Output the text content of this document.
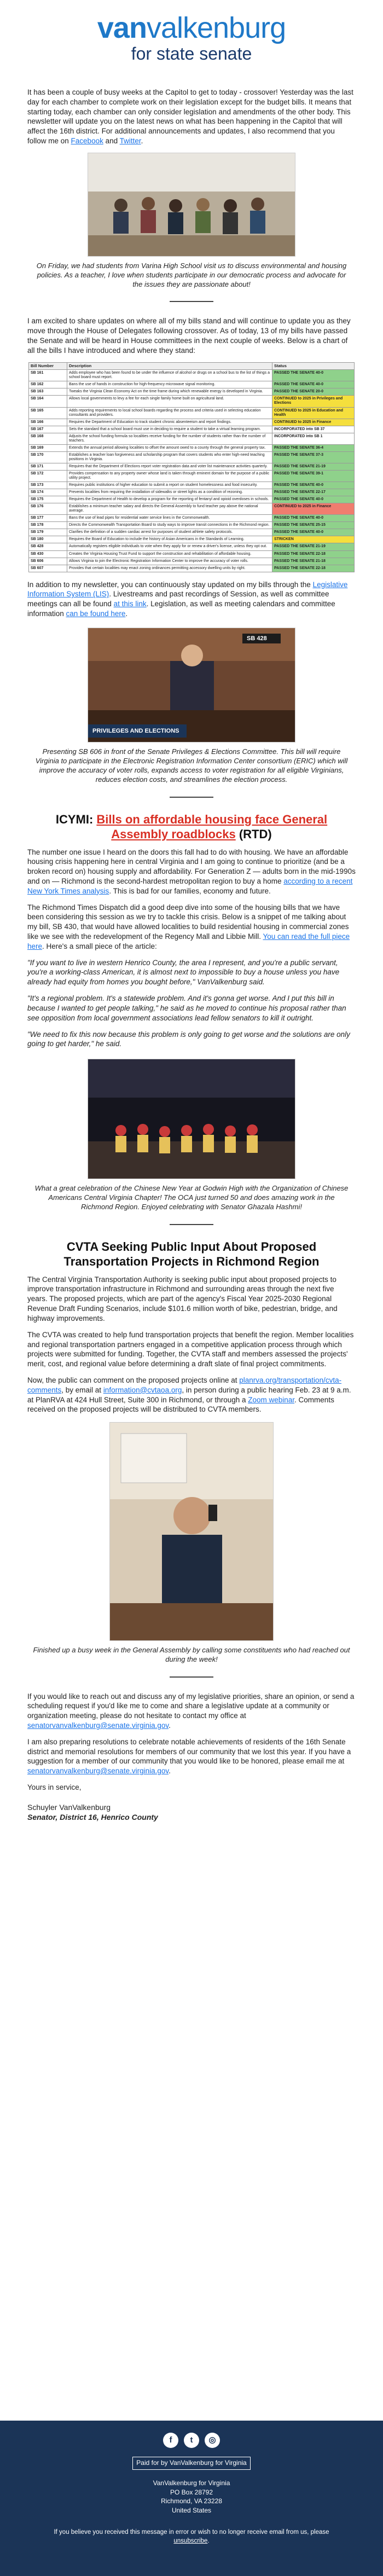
vanvalkenburg
for state senate

It has been a couple of busy weeks at the Capitol to get to today - crossover! Yesterday was the last day for each chamber to complete work on their legislation except for the budget bills. It means that starting today, each chamber can only consider legislation and amendments of the other body. This newsletter will update you on the latest news on what has been happening in the Capitol that will affect the 16th district. For additional announcements and updates, I also recommend that you follow me on Facebook and Twitter.

On Friday, we had students from Varina High School visit us to discuss environmental and housing policies. As a teacher, I love when students participate in our democratic process and advocate for the issues they are passionate about!

I am excited to share updates on where all of my bills stand and will continue to update you as they move through the House of Delegates following crossover. As of today, 13 of my bills have passed the Senate and will be heard in House committees in the next couple of weeks. Below is a chart of all the bills I have introduced and where they stand:

Bill Number	Description	Status
SB 161	Adds employee who has been found to be under the influence of alcohol or drugs on a school bus to the list of things a school board must report.	PASSED THE SENATE 40-0
SB 162	Bans the use of hands in construction for high-frequency microwave signal monitoring.	PASSED THE SENATE 40-0
SB 163	Tweaks the Virginia Clean Economy Act on the time frame during which renewable energy is developed in Virginia.	PASSED THE SENATE 20-0
SB 164	Allows local governments to levy a fee for each single family home built on agricultural land.	CONTINUED to 2025 in Privileges and Elections
SB 165	Adds reporting requirements to local school boards regarding the process and criteria used in selecting education consultants and providers.	CONTINUED to 2025 in Education and Health
SB 166	Requires the Department of Education to track student chronic absenteeism and report findings.	CONTINUED to 2025 in Finance
SB 167	Sets the standard that a school board must use in deciding to require a student to take a virtual learning program.	INCORPORATED into SB 37
SB 168	Adjusts the school funding formula so localities receive funding for the number of students rather than the number of teachers.	INCORPORATED into SB 1
SB 169	Extends the annual period allowing localities to offset the amount owed to a county through the general property tax.	PASSED THE SENATE 36-4
SB 170	Establishes a teacher loan forgiveness and scholarship program that covers students who enter high-need teaching positions in Virginia.	PASSED THE SENATE 37-3
SB 171	Requires that the Department of Elections report voter registration data and voter list maintenance activities quarterly.	PASSED THE SENATE 21-19
SB 172	Provides compensation to any property owner whose land is taken through eminent domain for the purpose of a public utility project.	PASSED THE SENATE 39-1
SB 173	Requires public institutions of higher education to submit a report on student homelessness and food insecurity.	PASSED THE SENATE 40-0
SB 174	Prevents localities from requiring the installation of sidewalks or street lights as a condition of rezoning.	PASSED THE SENATE 22-17
SB 175	Requires the Department of Health to develop a program for the reporting of fentanyl and opioid overdoses in schools.	PASSED THE SENATE 40-0
SB 176	Establishes a minimum teacher salary and directs the General Assembly to fund teacher pay above the national average.	CONTINUED to 2025 in Finance
SB 177	Bans the use of lead pipes for residential water service lines in the Commonwealth.	PASSED THE SENATE 40-0
SB 178	Directs the Commonwealth Transportation Board to study ways to improve transit connections in the Richmond region.	PASSED THE SENATE 25-15
SB 179	Clarifies the definition of a sudden cardiac arrest for purposes of student athlete safety protocols.	PASSED THE SENATE 40-0
SB 180	Requires the Board of Education to include the history of Asian Americans in the Standards of Learning.	STRICKEN
SB 428	Automatically registers eligible individuals to vote when they apply for or renew a driver's license, unless they opt out.	PASSED THE SENATE 21-19
SB 430	Creates the Virginia Housing Trust Fund to support the construction and rehabilitation of affordable housing.	PASSED THE SENATE 22-18
SB 606	Allows Virginia to join the Electronic Registration Information Center to improve the accuracy of voter rolls.	PASSED THE SENATE 21-18
SB 607	Provides that certain localities may enact zoning ordinances permitting accessory dwelling units by right.	PASSED THE SENATE 22-18

In addition to my newsletter, you can continuously stay updated on my bills through the Legislative Information System (LIS). Livestreams and past recordings of Session, as well as committee meetings can all be found at this link. Legislation, as well as meeting calendars and committee information can be found here.

SB 428
PRIVILEGES AND ELECTIONS

Presenting SB 606 in front of the Senate Privileges & Elections Committee. This bill will require Virginia to participate in the Electronic Registration Information Center consortium (ERIC) which will improve the accuracy of voter rolls, expands access to voter registration for all eligible Virginians, reduces election costs, and streamlines the election process.

ICYMI: Bills on affordable housing face General Assembly roadblocks (RTD)

The number one issue I heard on the doors this fall had to do with housing. We have an affordable housing crisis happening here in central Virginia and I am going to continue to prioritize (and be a broken record on) housing supply and affordability. For Generation Z — adults born in the mid-1990s and on — Richmond is the second-hardest metropolitan region to buy a home according to a recent New York Times analysis. This is bad for our families, economy and future.

The Richmond Times Dispatch did a good deep dive into some of the housing bills that we have been considering this session as we try to tackle this crisis. Below is a snippet of me talking about my bill, SB 430, that would have allowed localities to build residential housing in commercial zones like we see with the redevelopment of the Regency Mall and Libbie Mill. You can read the full piece here. Here's a small piece of the article:

"If you want to live in western Henrico County, the area I represent, and you're a public servant, you're a working-class American, it is almost next to impossible to buy a house unless you have already had equity from homes you bought before," VanValkenburg said.

"It's a regional problem. It's a statewide problem. And it's gonna get worse. And I put this bill in because I wanted to get people talking," he said as he moved to continue his proposal rather than see opposition from local government associations lead fellow senators to kill it outright.

"We need to fix this now because this problem is only going to get worse and the solutions are only going to get harder," he said.

What a great celebration of the Chinese New Year at Godwin High with the Organization of Chinese Americans Central Virginia Chapter! The OCA just turned 50 and does amazing work in the Richmond Region. Enjoyed celebrating with Senator Ghazala Hashmi!

CVTA Seeking Public Input About Proposed Transportation Projects in Richmond Region

The Central Virginia Transportation Authority is seeking public input about proposed projects to improve transportation infrastructure in Richmond and surrounding areas through the next five years. The proposed projects, which are part of the agency's Fiscal Year 2025-2030 Regional Revenue Draft Funding Scenarios, include $101.6 million worth of bike, pedestrian, bridge, and highway improvements.

The CVTA was created to help fund transportation projects that benefit the region. Member localities and regional transportation partners engaged in a competitive application process through which projects were submitted for funding. Together, the CVTA staff and members assessed the projects' merit, cost, and regional value before determining a draft slate of final project commitments.

Now, the public can comment on the proposed projects online at planrva.org/transportation/cvta-comments, by email at information@cvtaoa.org, in person during a public hearing Feb. 23 at 9 a.m. at PlanRVA at 424 Hull Street, Suite 300 in Richmond, or through a Zoom webinar. Comments received on the proposed projects will be distributed to CVTA members.

Finished up a busy week in the General Assembly by calling some constituents who had reached out during the week!

If you would like to reach out and discuss any of my legislative priorities, share an opinion, or send a scheduling request if you'd like me to come and share a legislative update at a community or organization meeting, please do not hesitate to contact my office at senatorvanvalkenburg@senate.virginia.gov.

I am also preparing resolutions to celebrate notable achievements of residents of the 16th Senate district and memorial resolutions for members of our community that we lost this year. If you have a suggestion for a member of our community that you would like to be honored, please email me at senatorvanvalkenburg@senate.virginia.gov.

Yours in service,

Schuyler VanValkenburg
Senator, District 16, Henrico County
f	t	◎
Paid for by VanValkenburg for Virginia
VanValkenburg for Virginia
PO Box 28792
Richmond, VA 23228
United States
If you believe you received this message in error or wish to no longer receive email from us, please unsubscribe.
